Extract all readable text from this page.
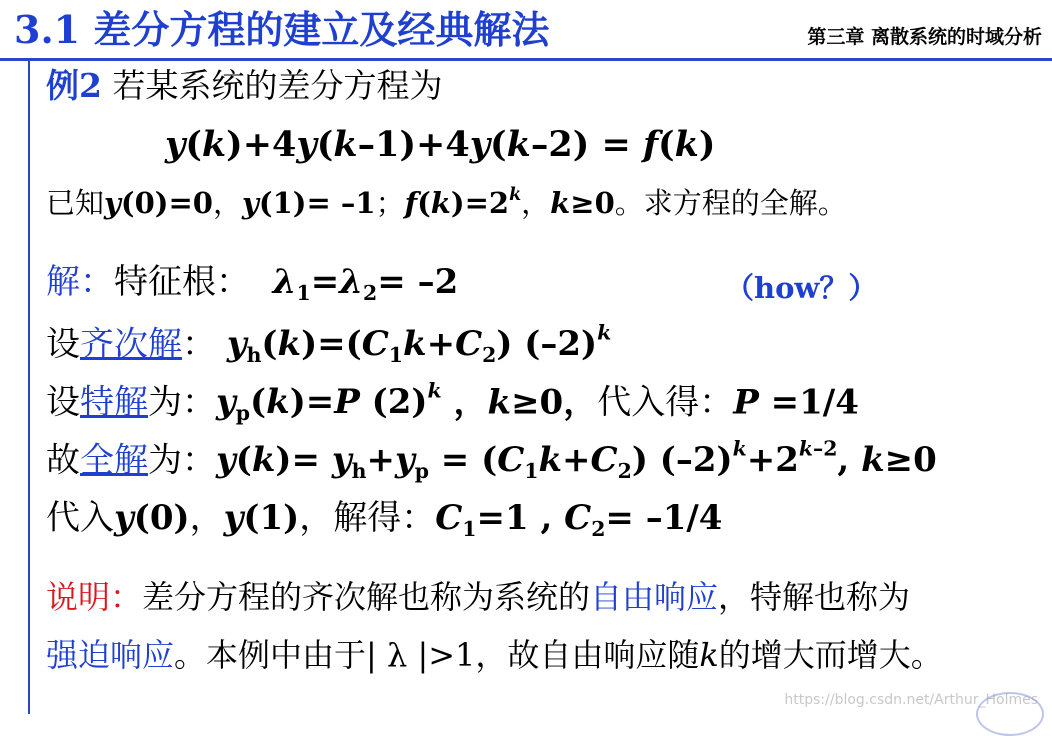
3.1 差分方程的建立及经典解法	第三章 离散系统的时域分析
例2 若某系统的差分方程为
y(k)+4y(k–1)+4y(k–2) = f(k)
已知y(0)=0，y(1)= –1；$f(k)=2^k$，k≥0。求方程的全解。
解：特征根： $\lambda_1=\lambda_2= -2$	（how？）
设齐次解： $y_h(k)=(C_1k+C_2)$ $(-2)^k$
设特解为：$y_p(k)=P$ $(2)^k$ ，k≥0，代入得：P =1/4
故全解为：$y(k)= y_h+y_p = (C_1k+C_2)$ $(-2)^k+2^{k-2}$, k≥0
代入y(0)，y(1)，解得：$C_1=1$ , $C_2= -1/4$
说明：差分方程的齐次解也称为系统的自由响应，特解也称为
强迫响应。本例中由于| λ |>1，故自由响应随k的增大而增大。
https://blog.csdn.net/Arthur_Holmes
